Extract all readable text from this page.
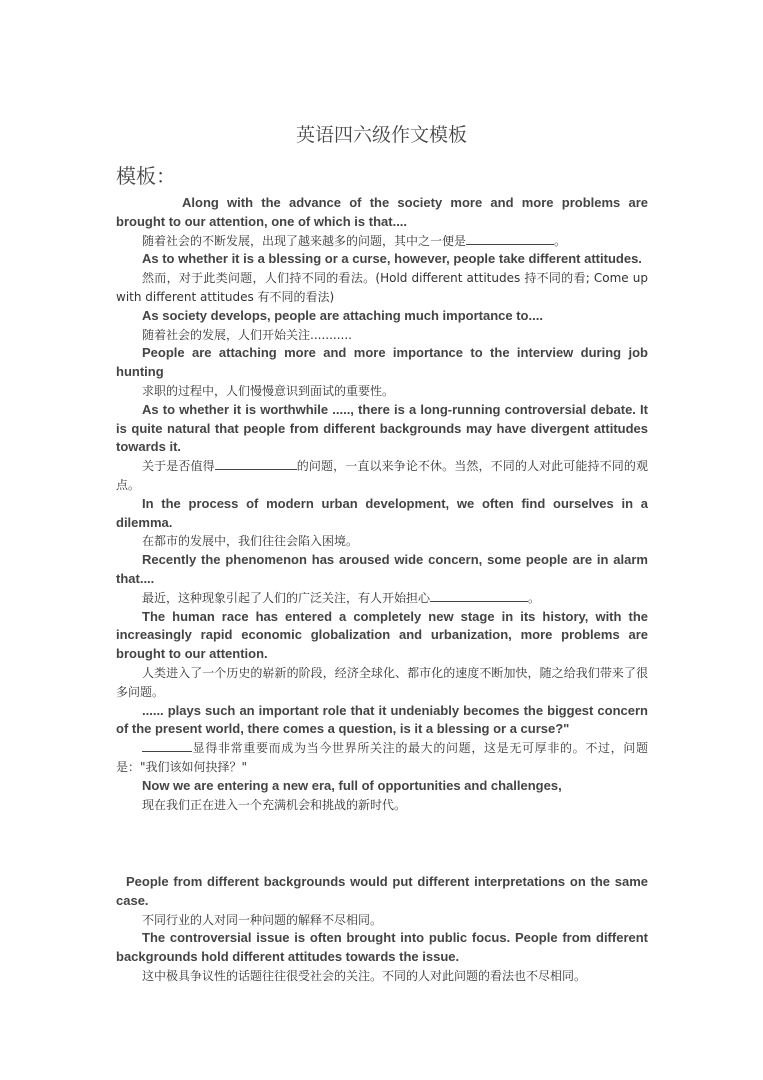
英语四六级作文模板
模板：

Along with the advance of the society more and more problems are brought to our attention, one of which is that....

随着社会的不断发展，出现了越来越多的问题，其中之一便是	。

As to whether it is a blessing or a curse, however, people take different attitudes.

然而，对于此类问题，人们持不同的看法。(Hold different attitudes 持不同的看; Come up with different attitudes 有不同的看法)

As society develops, people are attaching much importance to....

随着社会的发展，人们开始关注...........

People are attaching more and more importance to the interview during job hunting

求职的过程中，人们慢慢意识到面试的重要性。

As to whether it is worthwhile ....., there is a long-running controversial debate. It is quite natural that people from different backgrounds may have divergent attitudes towards it.

关于是否值得	的问题，一直以来争论不休。当然，不同的人对此可能持不同的观点。

In the process of modern urban development, we often find ourselves in a dilemma.

在都市的发展中，我们往往会陷入困境。

Recently the phenomenon has aroused wide concern, some people are in alarm that....

最近，这种现象引起了人们的广泛关注，有人开始担心	。

The human race has entered a completely new stage in its history, with the increasingly rapid economic globalization and urbanization, more problems are brought to our attention.

人类进入了一个历史的崭新的阶段，经济全球化、都市化的速度不断加快，随之给我们带来了很多问题。

...... plays such an important role that it undeniably becomes the biggest concern of the present world, there comes a question, is it a blessing or a curse?"

显得非常重要而成为当今世界所关注的最大的问题，这是无可厚非的。不过，问题是："我们该如何抉择？"

Now we are entering a new era, full of opportunities and challenges,

现在我们正在进入一个充满机会和挑战的新时代。

People from different backgrounds would put different interpretations on the same case.

不同行业的人对同一种问题的解释不尽相同。

The controversial issue is often brought into public focus. People from different backgrounds hold different attitudes towards the issue.

这中极具争议性的话题往往很受社会的关注。不同的人对此问题的看法也不尽相同。
